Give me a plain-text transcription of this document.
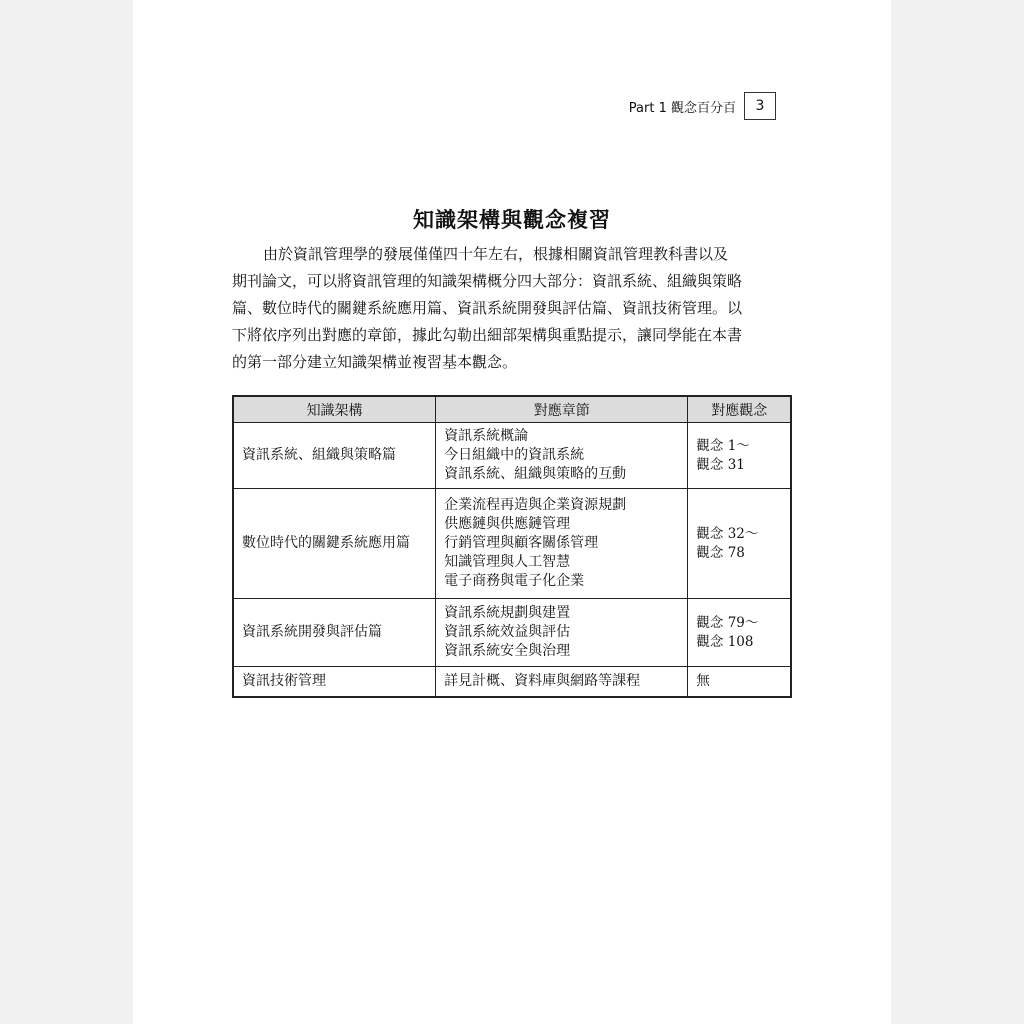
Part 1 觀念百分百	3
知識架構與觀念複習
由於資訊管理學的發展僅僅四十年左右，根據相關資訊管理教科書以及
期刊論文，可以將資訊管理的知識架構概分四大部分：資訊系統、組織與策略
篇、數位時代的關鍵系統應用篇、資訊系統開發與評估篇、資訊技術管理。以
下將依序列出對應的章節，據此勾勒出細部架構與重點提示，讓同學能在本書
的第一部分建立知識架構並複習基本觀念。
知識架構	對應章節	對應觀念
資訊系統、組織與策略篇	資訊系統概論
今日組織中的資訊系統
資訊系統、組織與策略的互動	觀念 1～
觀念 31

數位時代的關鍵系統應用篇	企業流程再造與企業資源規劃
供應鏈與供應鏈管理
行銷管理與顧客關係管理
知識管理與人工智慧
電子商務與電子化企業	觀念 32～
觀念 78

資訊系統開發與評估篇	資訊系統規劃與建置
資訊系統效益與評估
資訊系統安全與治理	觀念 79～
觀念 108

資訊技術管理	詳見計概、資料庫與網路等課程	無
